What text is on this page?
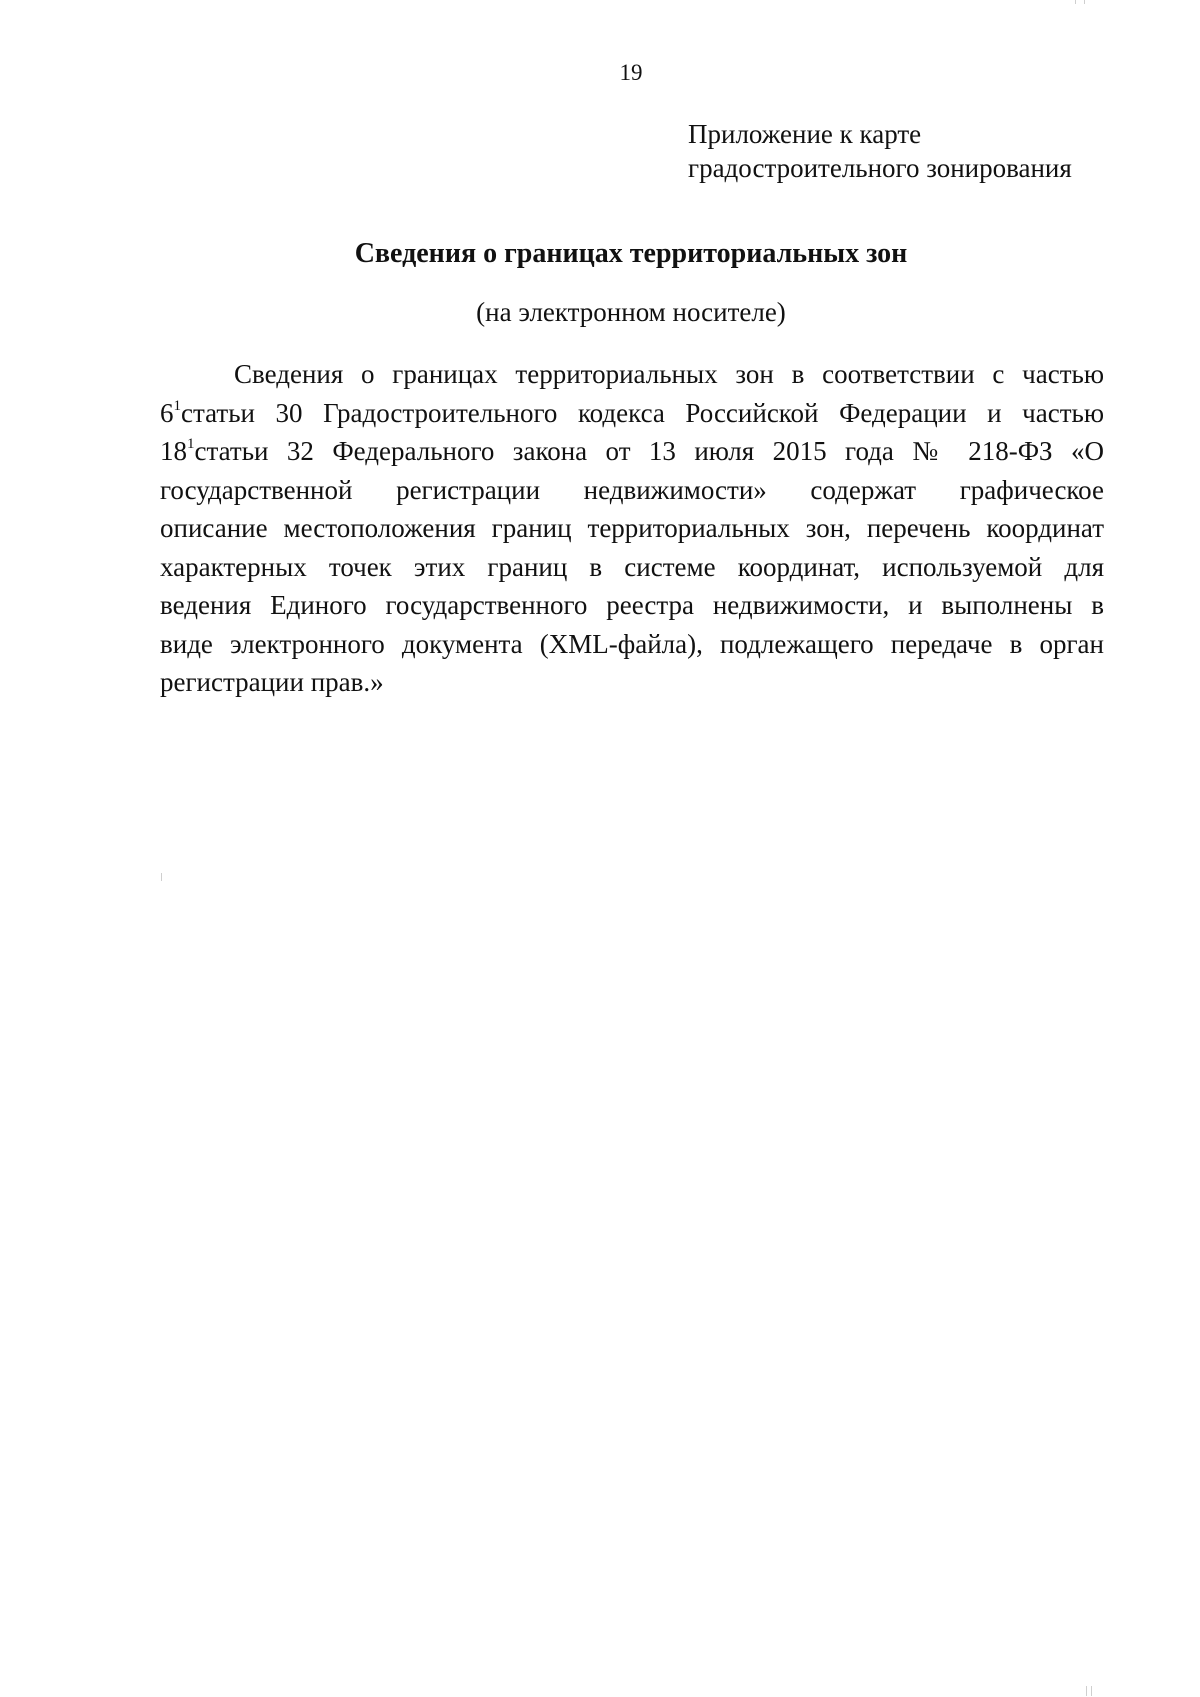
19
Приложение к карте
градостроительного зонирования
Сведения о границах территориальных зон
(на электронном носителе)
Сведения о границах территориальных зон в соответствии с частью
$6^1статьи$ 30 Градостроительного кодекса Российской Федерации и частью
$18^1статьи$ 32 Федерального закона от 13 июля 2015 года № 218-ФЗ «О
государственной регистрации недвижимости» содержат графическое
описание местоположения границ территориальных зон, перечень координат
характерных точек этих границ в системе координат, используемой для
ведения Единого государственного реестра недвижимости, и выполнены в
виде электронного документа (XML-файла), подлежащего передаче в орган
регистрации прав.»
